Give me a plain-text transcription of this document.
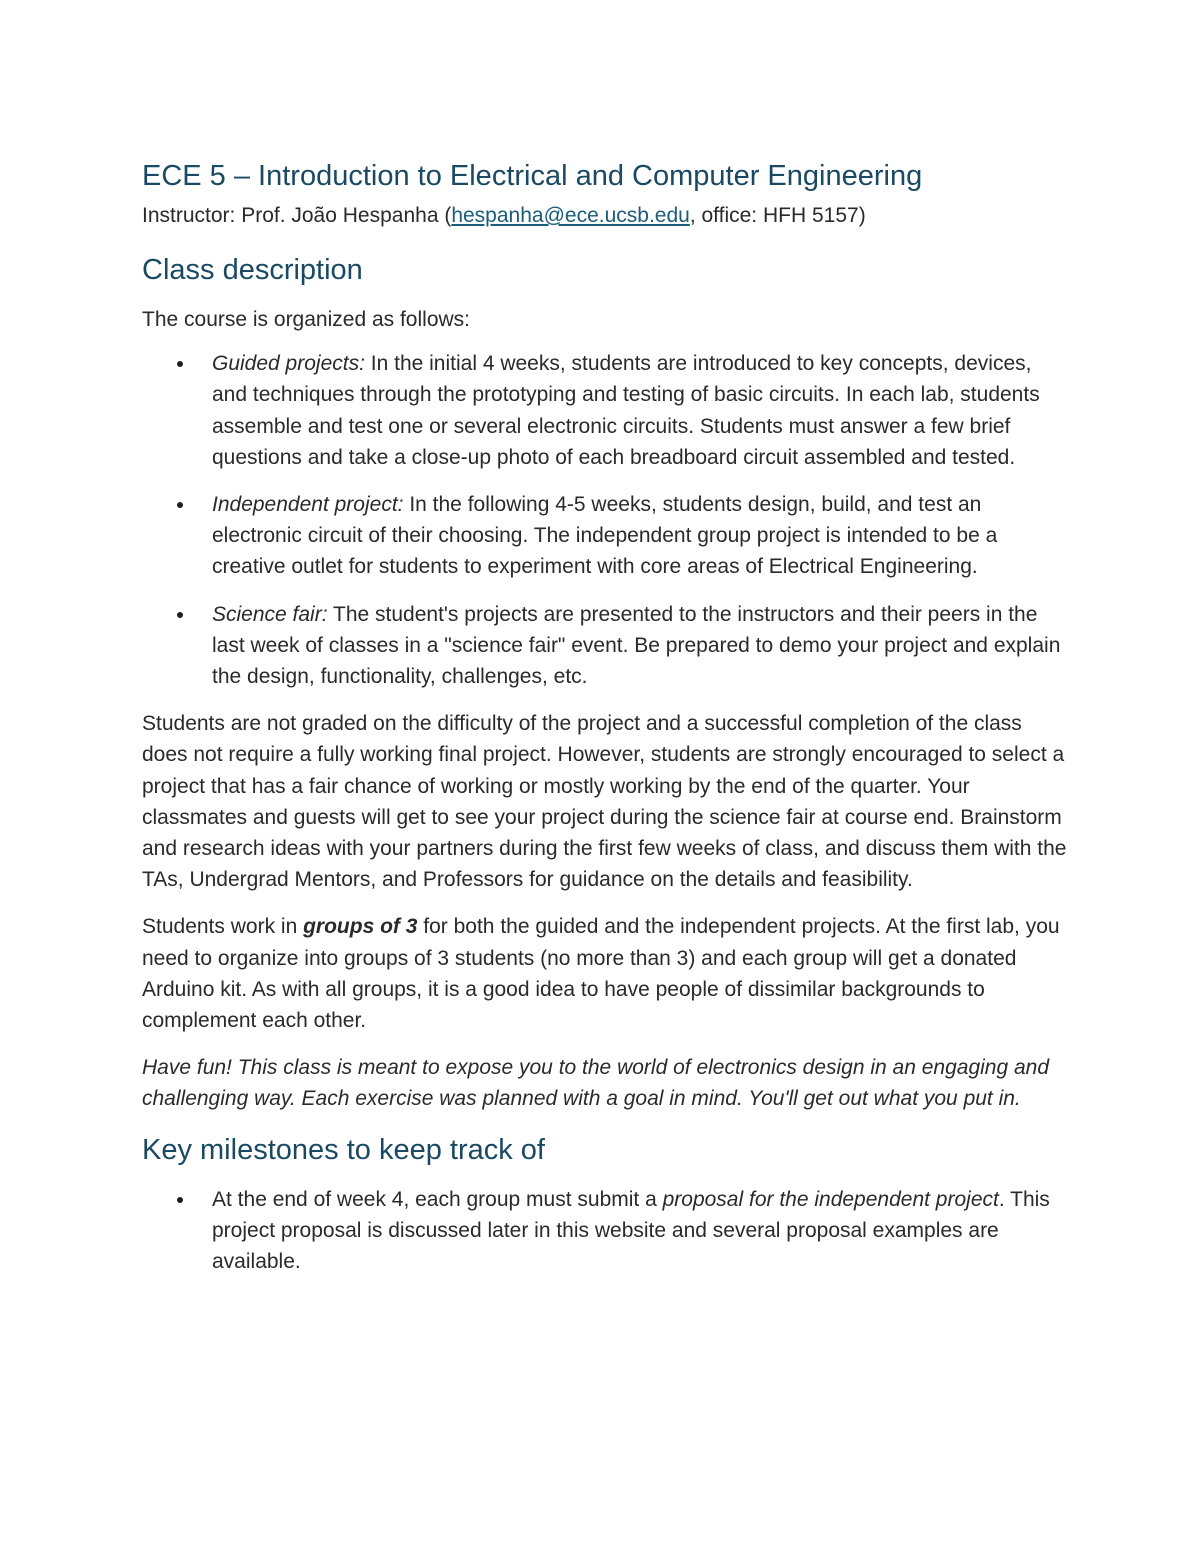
ECE 5 – Introduction to Electrical and Computer Engineering

Instructor: Prof. João Hespanha (hespanha@ece.ucsb.edu, office: HFH 5157)

Class description

The course is organized as follows:

Guided projects: In the initial 4 weeks, students are introduced to key concepts, devices, and techniques through the prototyping and testing of basic circuits. In each lab, students assemble and test one or several electronic circuits. Students must answer a few brief questions and take a close-up photo of each breadboard circuit assembled and tested.
Independent project: In the following 4-5 weeks, students design, build, and test an electronic circuit of their choosing. The independent group project is intended to be a creative outlet for students to experiment with core areas of Electrical Engineering.
Science fair: The student's projects are presented to the instructors and their peers in the last week of classes in a "science fair" event. Be prepared to demo your project and explain the design, functionality, challenges, etc.

Students are not graded on the difficulty of the project and a successful completion of the class does not require a fully working final project. However, students are strongly encouraged to select a project that has a fair chance of working or mostly working by the end of the quarter. Your classmates and guests will get to see your project during the science fair at course end. Brainstorm and research ideas with your partners during the first few weeks of class, and discuss them with the TAs, Undergrad Mentors, and Professors for guidance on the details and feasibility.

Students work in groups of 3 for both the guided and the independent projects. At the first lab, you need to organize into groups of 3 students (no more than 3) and each group will get a donated Arduino kit. As with all groups, it is a good idea to have people of dissimilar backgrounds to complement each other.

Have fun! This class is meant to expose you to the world of electronics design in an engaging and challenging way. Each exercise was planned with a goal in mind. You'll get out what you put in.

Key milestones to keep track of
At the end of week 4, each group must submit a proposal for the independent project. This project proposal is discussed later in this website and several proposal examples are available.
